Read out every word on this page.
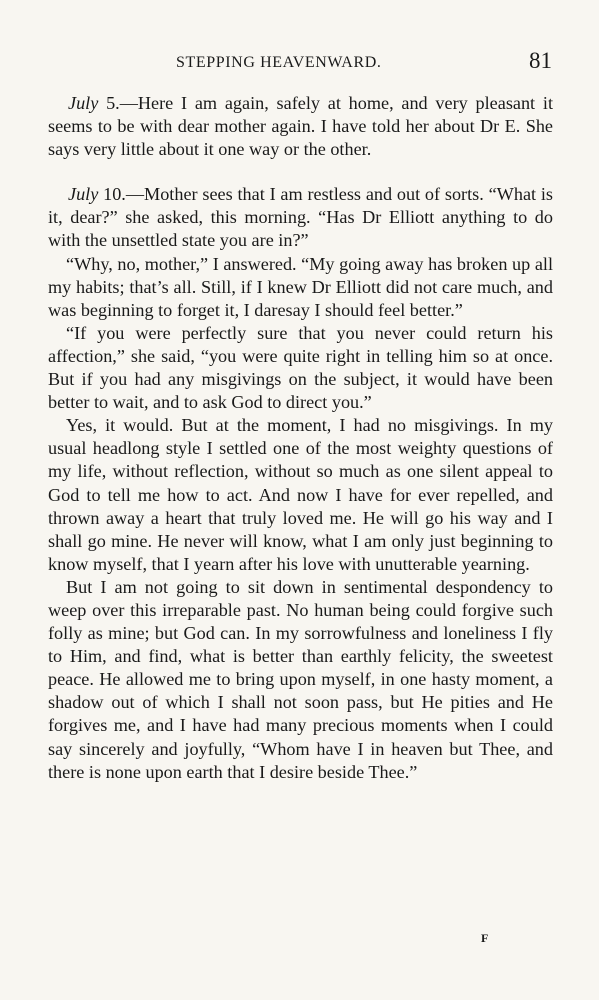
STEPPING HEAVENWARD.	81

July 5.—Here I am again, safely at home, and very pleasant it seems to be with dear mother again. I have told her about Dr E. She says very little about it one way or the other.

July 10.—Mother sees that I am restless and out of sorts. “What is it, dear?” she asked, this morning. “Has Dr Elliott anything to do with the unsettled state you are in?”

“Why, no, mother,” I answered. “My going away has broken up all my habits; that’s all. Still, if I knew Dr Elliott did not care much, and was beginning to forget it, I daresay I should feel better.”

“If you were perfectly sure that you never could return his affection,” she said, “you were quite right in telling him so at once. But if you had any misgivings on the subject, it would have been better to wait, and to ask God to direct you.”

Yes, it would. But at the moment, I had no misgivings. In my usual headlong style I settled one of the most weighty questions of my life, without reflection, without so much as one silent appeal to God to tell me how to act. And now I have for ever repelled, and thrown away a heart that truly loved me. He will go his way and I shall go mine. He never will know, what I am only just beginning to know myself, that I yearn after his love with unutterable yearning.

But I am not going to sit down in sentimental despondency to weep over this irreparable past. No human being could forgive such folly as mine; but God can. In my sorrowfulness and loneliness I fly to Him, and find, what is better than earthly felicity, the sweetest peace. He allowed me to bring upon myself, in one hasty moment, a shadow out of which I shall not soon pass, but He pities and He forgives me, and I have had many precious moments when I could say sincerely and joyfully, “Whom have I in heaven but Thee, and there is none upon earth that I desire beside Thee.”

F
